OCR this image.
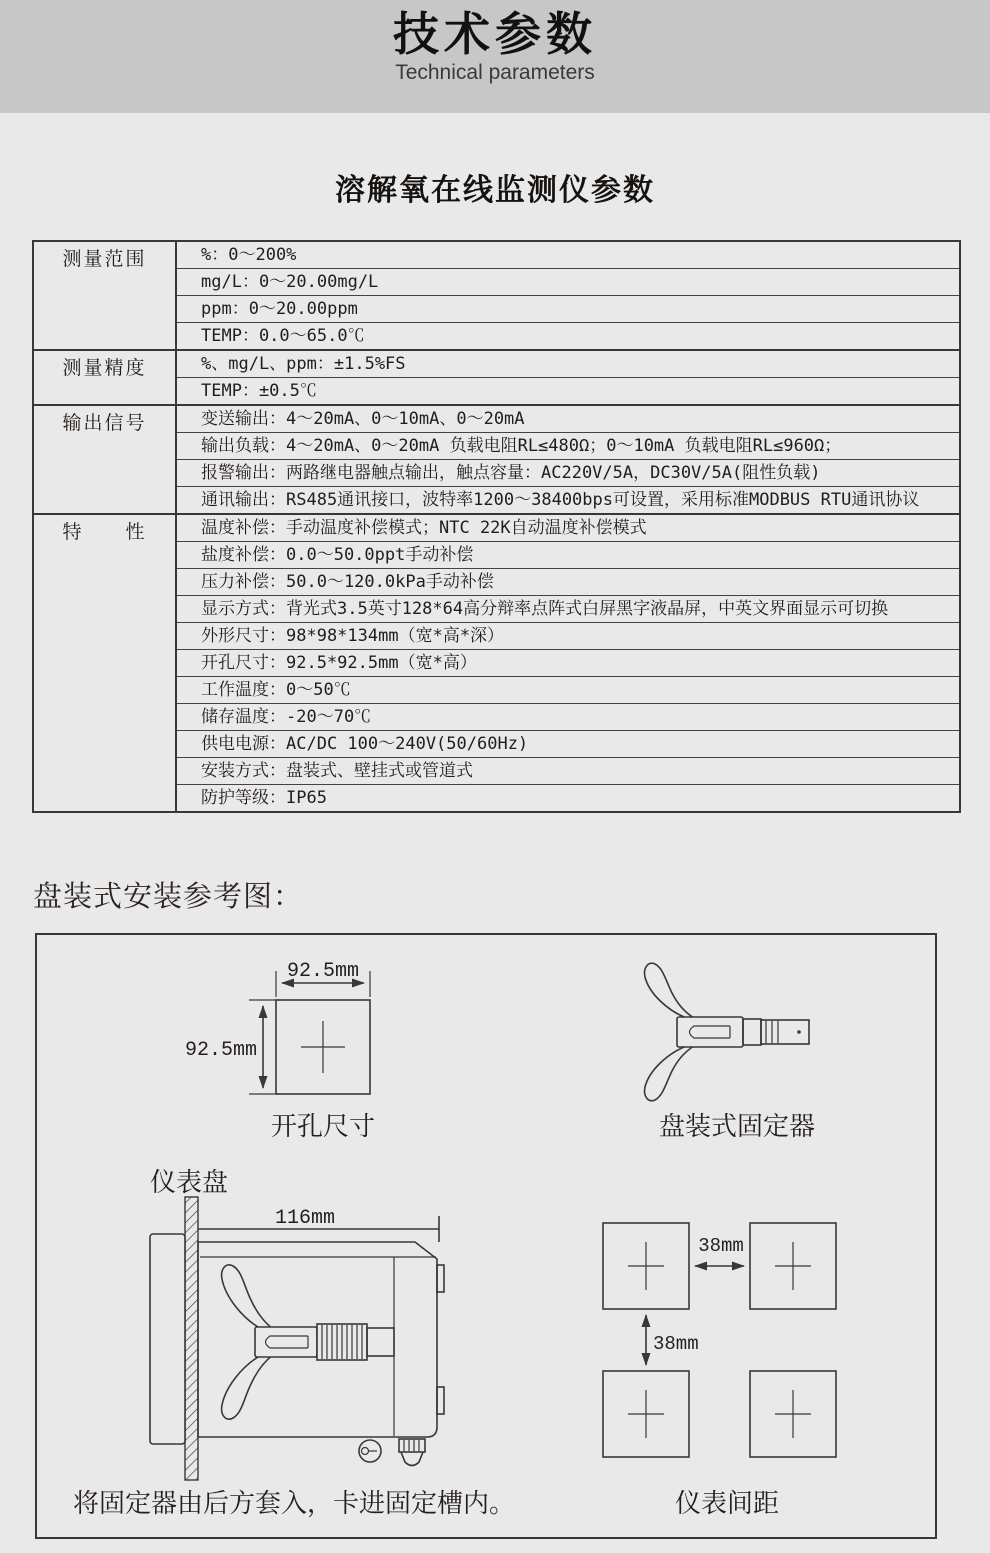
技术参数
Technical parameters
溶解氧在线监测仪参数
测量范围	%：0～200%
mg/L：0～20.00mg/L
ppm：0～20.00ppm
TEMP：0.0～65.0℃
测量精度	%、mg/L、ppm：±1.5%FS
TEMP：±0.5℃
输出信号	变送输出：4～20mA、0～10mA、0～20mA
输出负载：4～20mA、0～20mA 负载电阻RL≤480Ω；0～10mA 负载电阻RL≤960Ω；
报警输出：两路继电器触点输出，触点容量：AC220V/5A，DC30V/5A(阻性负载)
通讯输出：RS485通讯接口，波特率1200～38400bps可设置，采用标准MODBUS RTU通讯协议
特　　性	温度补偿：手动温度补偿模式；NTC 22K自动温度补偿模式
盐度补偿：0.0～50.0ppt手动补偿
压力补偿：50.0～120.0kPa手动补偿
显示方式：背光式3.5英寸128*64高分辩率点阵式白屏黑字液晶屏，中英文界面显示可切换
外形尺寸：98*98*134mm（宽*高*深）
开孔尺寸：92.5*92.5mm（宽*高）
工作温度：0～50℃
储存温度：-20～70℃
供电电源：AC/DC 100～240V(50/60Hz)
安装方式：盘装式、壁挂式或管道式
防护等级：IP65
盘装式安装参考图：
92.5mm
92.5mm
开孔尺寸	盘装式固定器
仪表盘
116mm
将固定器由后方套入，卡进固定槽内。
38mm
38mm
仪表间距
